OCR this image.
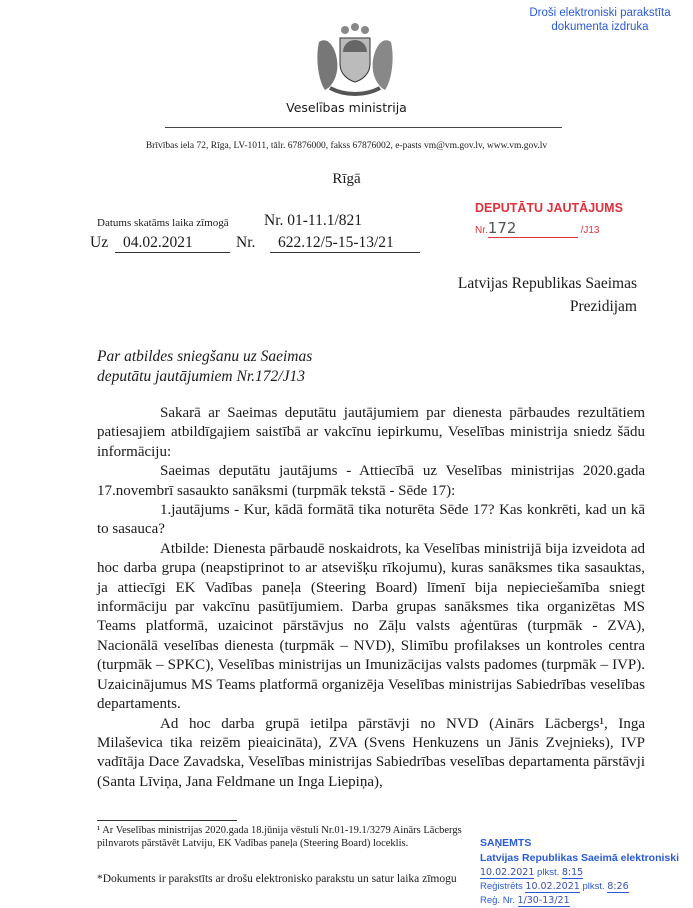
Droši elektroniski parakstīta
dokumenta izdruka
Veselības ministrija
Brīvības iela 72, Rīga, LV-1011, tālr. 67876000, fakss 67876002, e-pasts vm@vm.gov.lv, www.vm.gov.lv
Rīgā
Datums skatāms laika zīmogā Nr. 01-11.1/821
Uz 04.02.2021	Nr.	622.12/5-15-13/21
DEPUTĀTU JAUTĀJUMS
Nr.172	/J13
Latvijas Republikas Saeimas
Prezidijam
Par atbildes sniegšanu uz Saeimas
deputātu jautājumiem Nr.172/J13

Sakarā ar Saeimas deputātu jautājumiem par dienesta pārbaudes rezultātiem patiesajiem atbildīgajiem saistībā ar vakcīnu iepirkumu, Veselības ministrija sniedz šādu informāciju:

Saeimas deputātu jautājums - Attiecībā uz Veselības ministrijas 2020.gada 17.novembrī sasaukto sanāksmi (turpmāk tekstā - Sēde 17):

1.jautājums - Kur, kādā formātā tika noturēta Sēde 17? Kas konkrēti, kad un kā to sasauca?

Atbilde: Dienesta pārbaudē noskaidrots, ka Veselības ministrijā bija izveidota ad hoc darba grupa (neapstiprinot to ar atsevišķu rīkojumu), kuras sanāksmes tika sasauktas, ja attiecīgi EK Vadības paneļa (Steering Board) līmenī bija nepieciešamība sniegt informāciju par vakcīnu pasūtījumiem. Darba grupas sanāksmes tika organizētas MS Teams platformā, uzaicinot pārstāvjus no Zāļu valsts aģentūras (turpmāk - ZVA), Nacionālā veselības dienesta (turpmāk – NVD), Slimību profilakses un kontroles centra (turpmāk – SPKC), Veselības ministrijas un Imunizācijas valsts padomes (turpmāk – IVP). Uzaicinājumus MS Teams platformā organizēja Veselības ministrijas Sabiedrības veselības departaments.

Ad hoc darba grupā ietilpa pārstāvji no NVD (Ainārs Lācbergs¹, Inga Milaševica tika reizēm pieaicināta), ZVA (Svens Henkuzens un Jānis Zvejnieks), IVP vadītāja Dace Zavadska, Veselības ministrijas Sabiedrības veselības departamenta pārstāvji (Santa Līviņa, Jana Feldmane un Inga Liepiņa),

¹ Ar Veselības ministrijas 2020.gada 18.jūnija vēstuli Nr.01-19.1/3279 Ainārs Lācbergs pilnvarots pārstāvēt Latviju, EK Vadības paneļa (Steering Board) loceklis.
*Dokuments ir parakstīts ar drošu elektronisko parakstu un satur laika zīmogu
SAŅEMTS
Latvijas Republikas Saeimā elektroniski
10.02.2021 plkst. 8:15
Reģistrēts 10.02.2021 plkst. 8:26
Reģ. Nr. 1/30-13/21
